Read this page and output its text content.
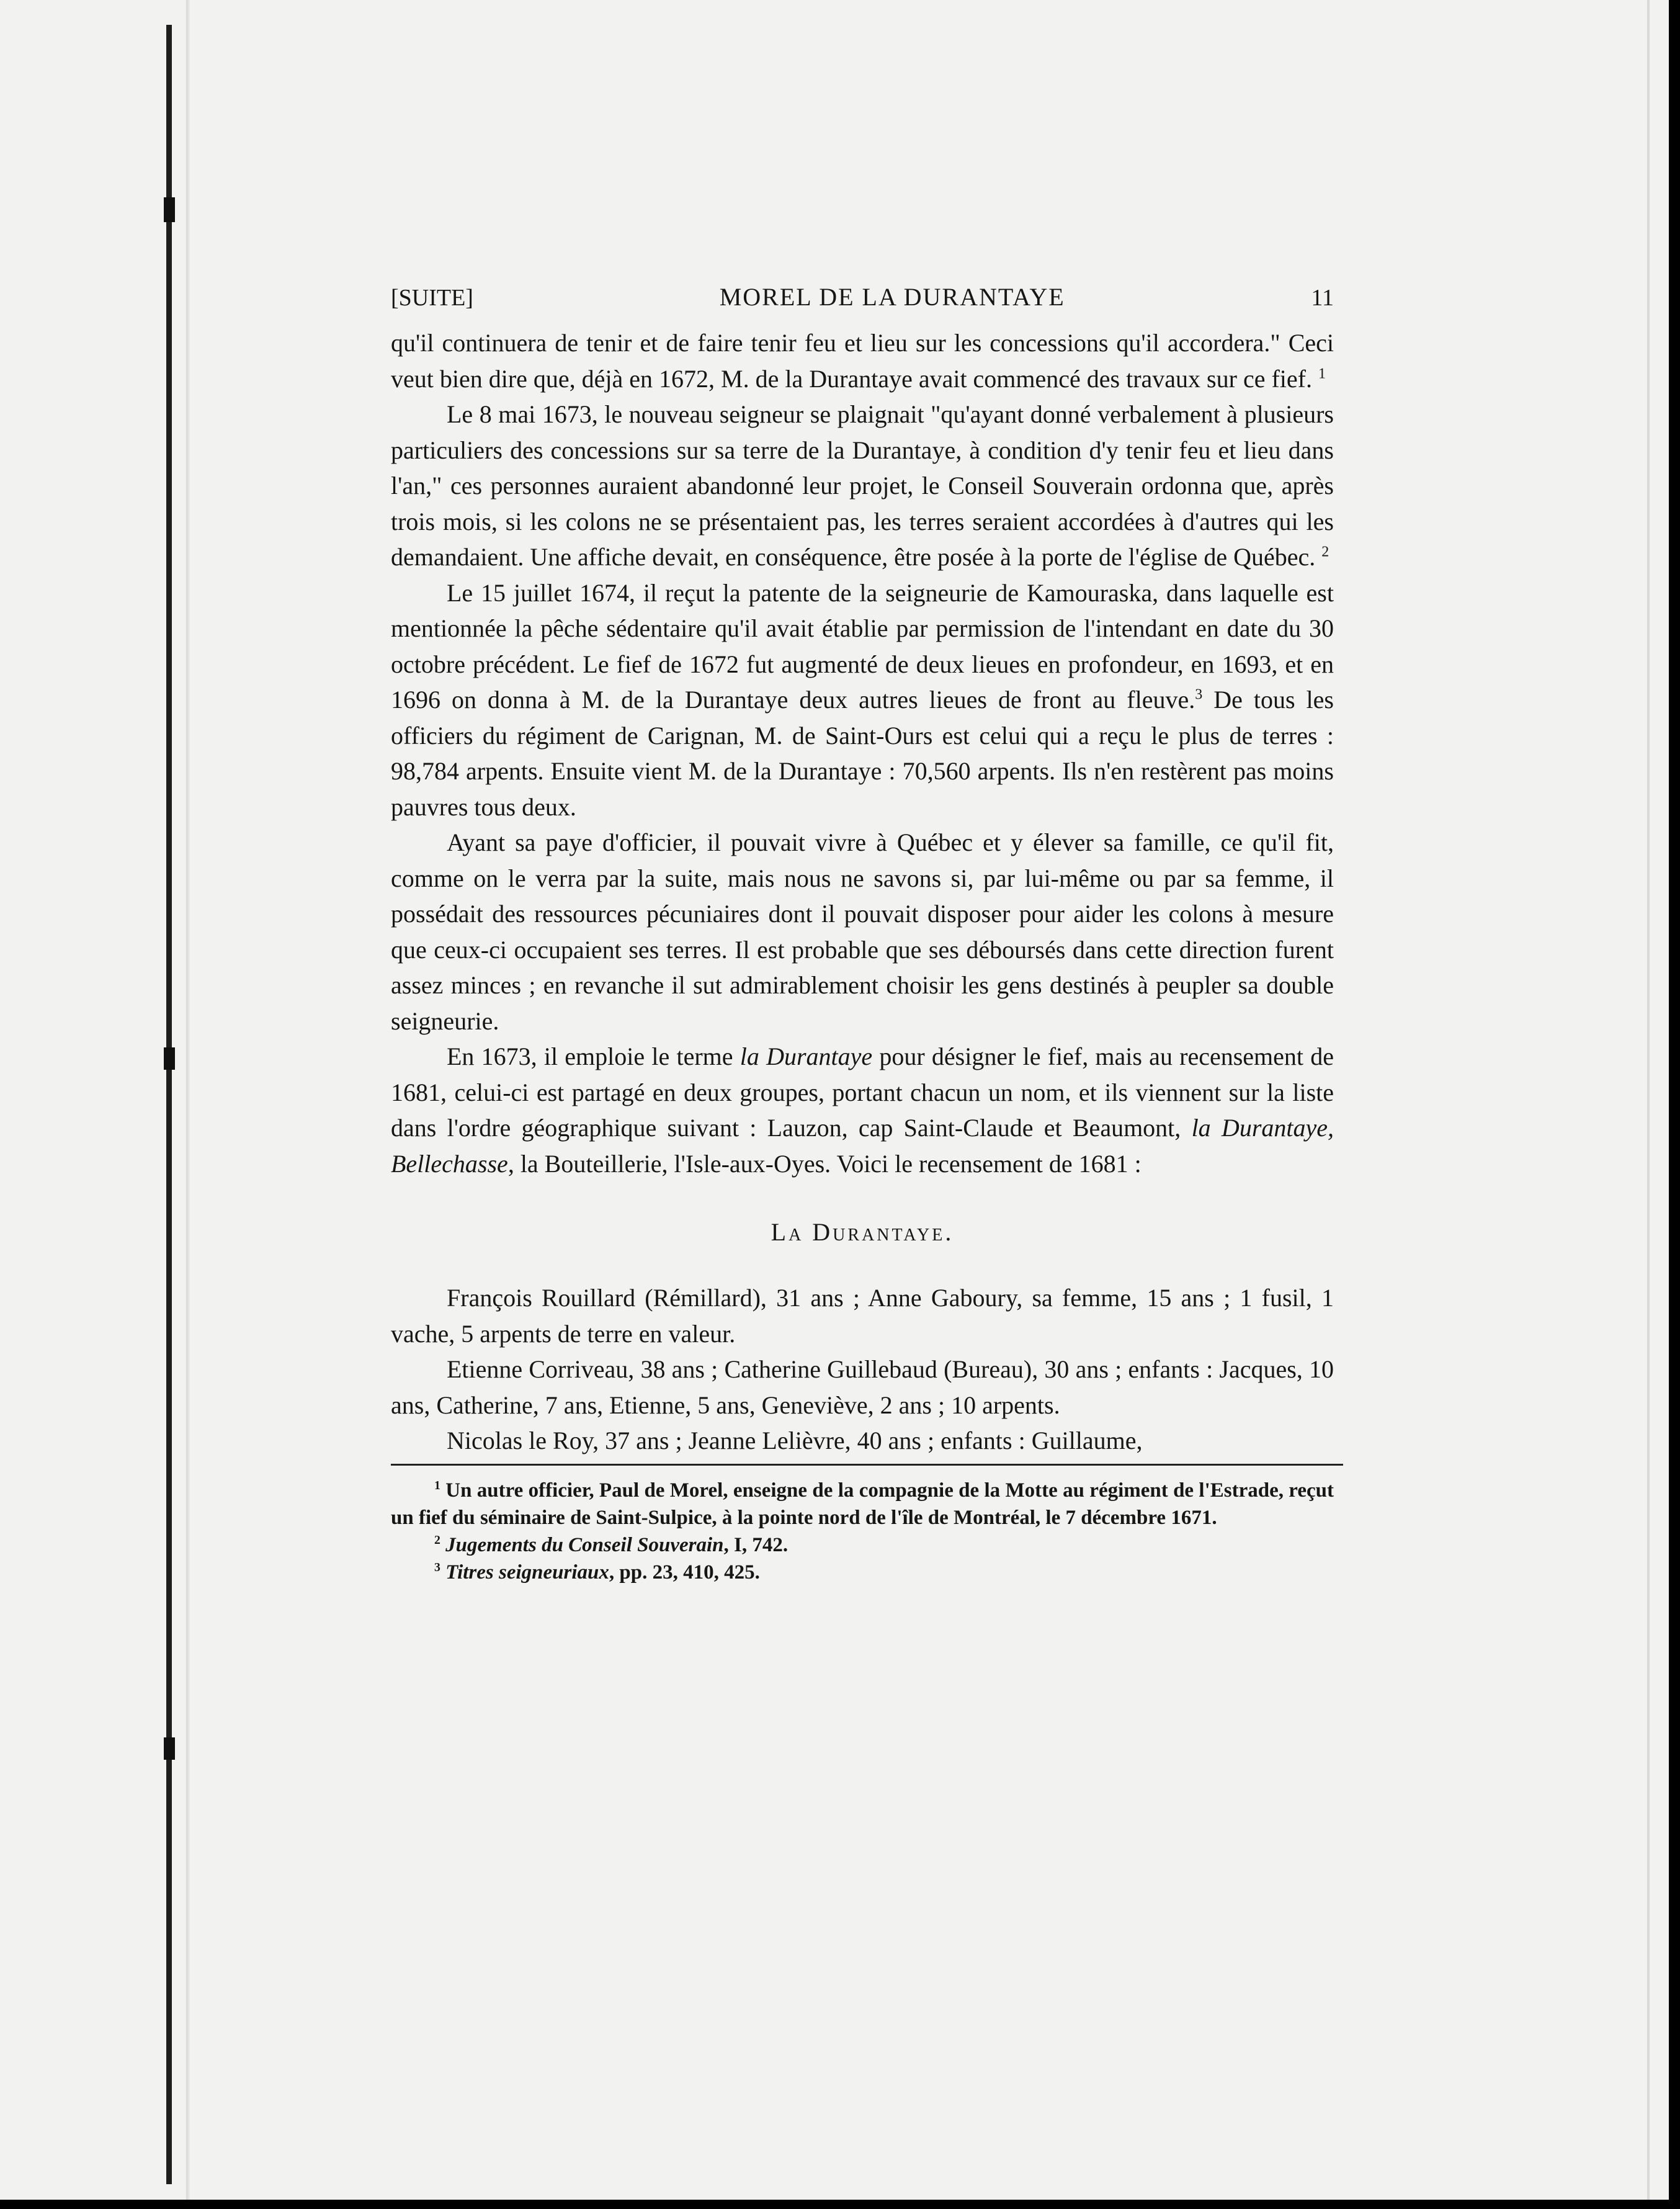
[SUITE]	MOREL DE LA DURANTAYE	11

qu'il continuera de tenir et de faire tenir feu et lieu sur les concessions qu'il accordera." Ceci veut bien dire que, déjà en 1672, M. de la Durantaye avait commencé des travaux sur ce fief. $^1$

Le 8 mai 1673, le nouveau seigneur se plaignait "qu'ayant donné verbalement à plusieurs particuliers des concessions sur sa terre de la Durantaye, à condition d'y tenir feu et lieu dans l'an," ces personnes auraient abandonné leur projet, le Conseil Souverain ordonna que, après trois mois, si les colons ne se présentaient pas, les terres seraient accordées à d'autres qui les demandaient. Une affiche devait, en conséquence, être posée à la porte de l'église de Québec. $^2$

Le 15 juillet 1674, il reçut la patente de la seigneurie de Kamouraska, dans laquelle est mentionnée la pêche sédentaire qu'il avait établie par permission de l'intendant en date du 30 octobre précédent. Le fief de 1672 fut augmenté de deux lieues en profondeur, en 1693, et en 1696 on donna à M. de la Durantaye deux autres lieues de front au fleuve.$^3$ De tous les officiers du régiment de Carignan, M. de Saint-Ours est celui qui a reçu le plus de terres : 98,784 arpents. Ensuite vient M. de la Durantaye : 70,560 arpents. Ils n'en restèrent pas moins pauvres tous deux.

Ayant sa paye d'officier, il pouvait vivre à Québec et y élever sa famille, ce qu'il fit, comme on le verra par la suite, mais nous ne savons si, par lui-même ou par sa femme, il possédait des ressources pécuniaires dont il pouvait disposer pour aider les colons à mesure que ceux-ci occupaient ses terres. Il est probable que ses déboursés dans cette direction furent assez minces ; en revanche il sut admirablement choisir les gens destinés à peupler sa double seigneurie.

En 1673, il emploie le terme la Durantaye pour désigner le fief, mais au recensement de 1681, celui-ci est partagé en deux groupes, portant chacun un nom, et ils viennent sur la liste dans l'ordre géographique suivant : Lauzon, cap Saint-Claude et Beaumont, la Durantaye, Bellechasse, la Bouteillerie, l'Isle-aux-Oyes. Voici le recensement de 1681 :

La Durantaye.

François Rouillard (Rémillard), 31 ans ; Anne Gaboury, sa femme, 15 ans ; 1 fusil, 1 vache, 5 arpents de terre en valeur.

Etienne Corriveau, 38 ans ; Catherine Guillebaud (Bureau), 30 ans ; enfants : Jacques, 10 ans, Catherine, 7 ans, Etienne, 5 ans, Geneviève, 2 ans ; 10 arpents.

Nicolas le Roy, 37 ans ; Jeanne Lelièvre, 40 ans ; enfants : Guillaume,

$^1$ Un autre officier, Paul de Morel, enseigne de la compagnie de la Motte au régiment de l'Estrade, reçut un fief du séminaire de Saint-Sulpice, à la pointe nord de l'île de Montréal, le 7 décembre 1671.

$^2$ Jugements du Conseil Souverain, I, 742.

$^3$ Titres seigneuriaux, pp. 23, 410, 425.
